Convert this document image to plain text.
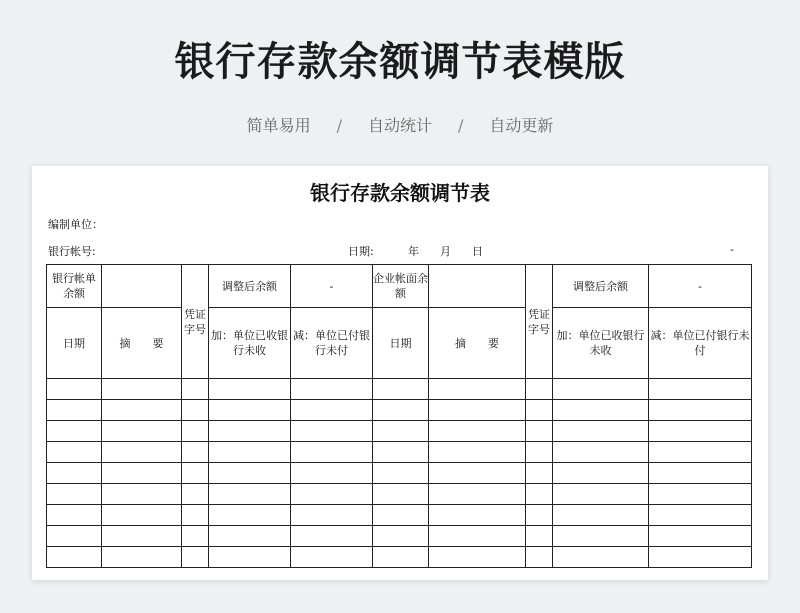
银行存款余额调节表模版
简单易用 / 自动统计 / 自动更新
银行存款余额调节表
编制单位：
银行帐号:	日期:	年 月 日	-
银行帐单余额		凭证字号	调整后余额	-	企业帐面余额		凭证字号	调整后余额	-
日期	摘　　要		加：单位已收银行未收	减：单位已付银行未付	日期	摘　　要		加：单位已收银行未收	减：单位已付银行未付
